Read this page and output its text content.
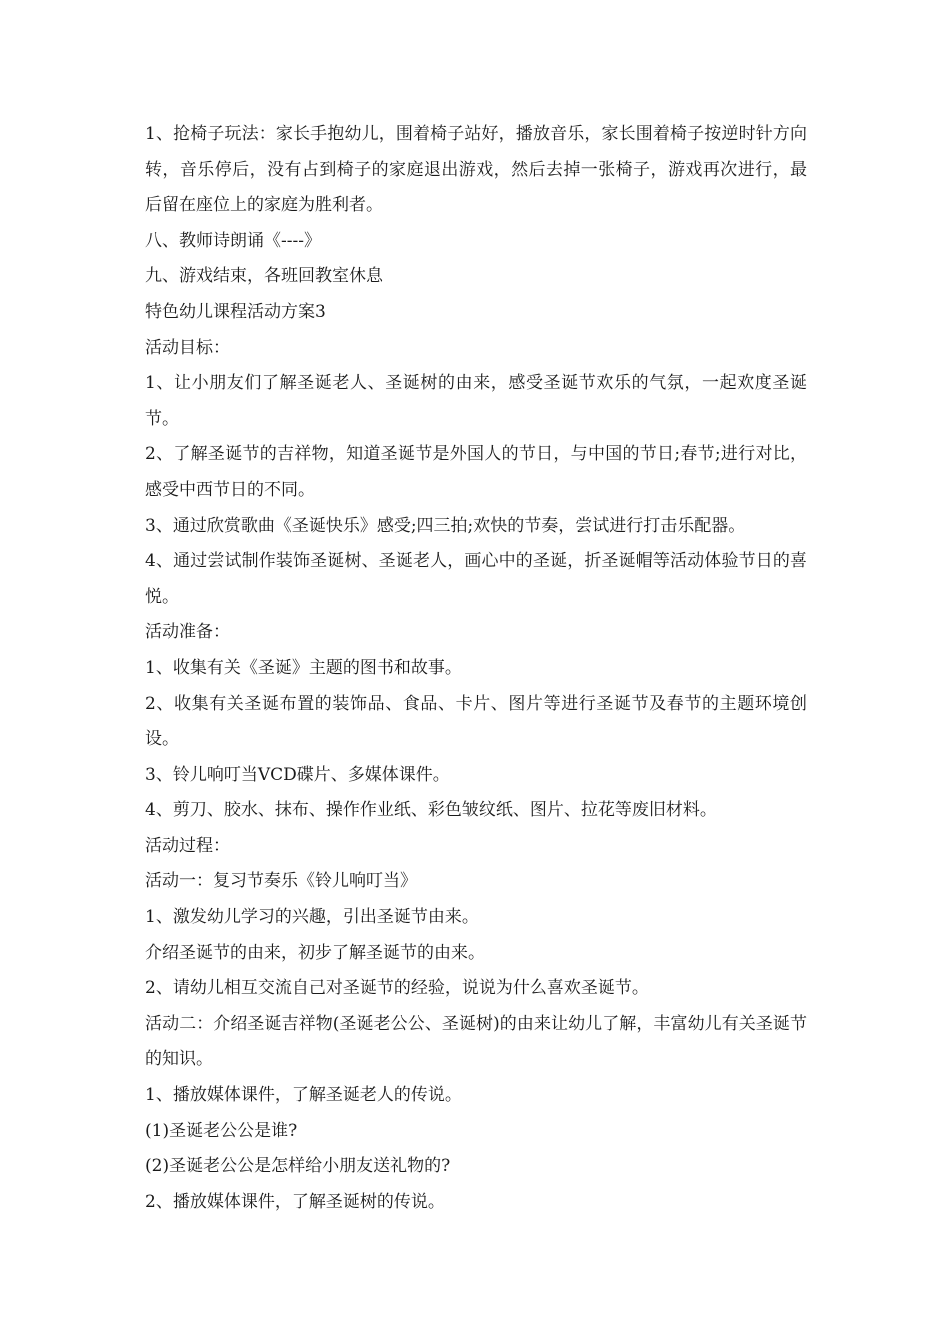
1、抢椅子玩法：家长手抱幼儿，围着椅子站好，播放音乐，家长围着椅子按逆时针方向转，音乐停后，没有占到椅子的家庭退出游戏，然后去掉一张椅子，游戏再次进行，最后留在座位上的家庭为胜利者。

八、教师诗朗诵《----》

九、游戏结束，各班回教室休息

特色幼儿课程活动方案3

活动目标：

1、让小朋友们了解圣诞老人、圣诞树的由来，感受圣诞节欢乐的气氛，一起欢度圣诞节。

2、了解圣诞节的吉祥物，知道圣诞节是外国人的节日，与中国的节日;春节;进行对比，感受中西节日的不同。

3、通过欣赏歌曲《圣诞快乐》感受;四三拍;欢快的节奏，尝试进行打击乐配器。

4、通过尝试制作装饰圣诞树、圣诞老人，画心中的圣诞，折圣诞帽等活动体验节日的喜悦。

活动准备：

1、收集有关《圣诞》主题的图书和故事。

2、收集有关圣诞布置的装饰品、食品、卡片、图片等进行圣诞节及春节的主题环境创设。

3、铃儿响叮当VCD碟片、多媒体课件。

4、剪刀、胶水、抹布、操作作业纸、彩色皱纹纸、图片、拉花等废旧材料。

活动过程：

活动一：复习节奏乐《铃儿响叮当》

1、激发幼儿学习的兴趣，引出圣诞节由来。

介绍圣诞节的由来，初步了解圣诞节的由来。

2、请幼儿相互交流自己对圣诞节的经验，说说为什么喜欢圣诞节。

活动二：介绍圣诞吉祥物(圣诞老公公、圣诞树)的由来让幼儿了解，丰富幼儿有关圣诞节的知识。

1、播放媒体课件，了解圣诞老人的传说。

(1)圣诞老公公是谁?

(2)圣诞老公公是怎样给小朋友送礼物的?

2、播放媒体课件，了解圣诞树的传说。
